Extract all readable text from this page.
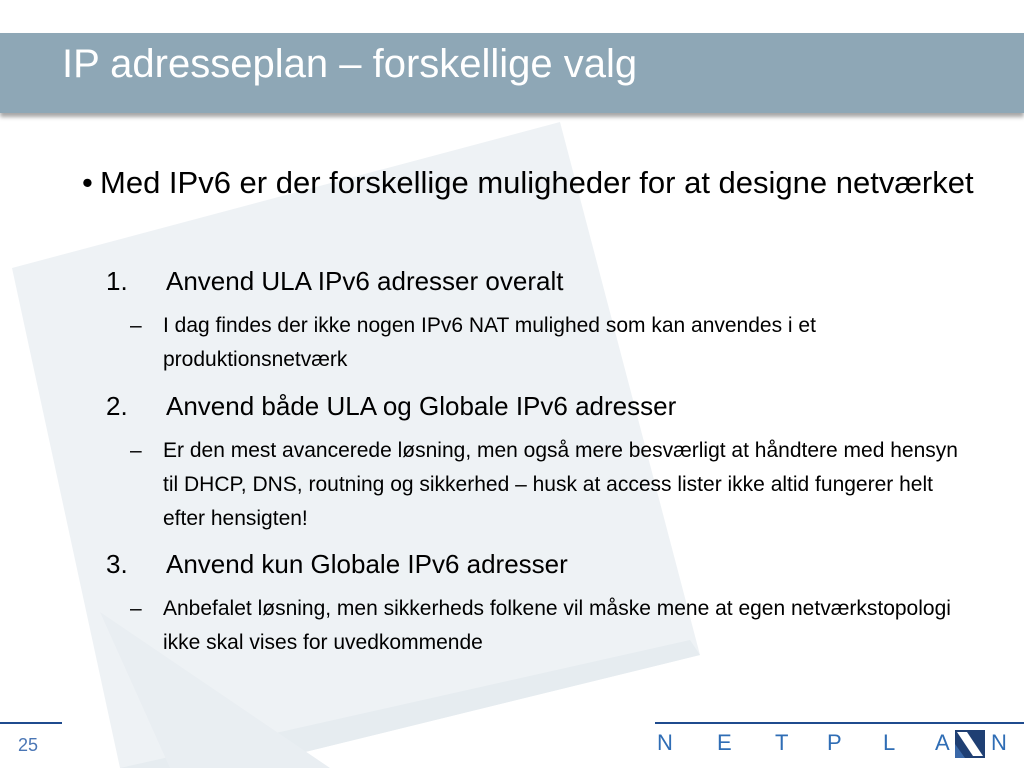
IP adresseplan – forskellige valg
• Med IPv6 er der forskellige muligheder for at designe netværket

1. Anvend ULA IPv6 adresser overalt
– I dag findes der ikke nogen IPv6 NAT mulighed som kan anvendes i et produktionsnetværk

2. Anvend både ULA og Globale IPv6 adresser
– Er den mest avancerede løsning, men også mere besværligt at håndtere med hensyn til DHCP, DNS, routning og sikkerhed – husk at access lister ikke altid fungerer helt efter hensigten!

3. Anvend kun Globale IPv6 adresser
– Anbefalet løsning, men sikkerheds folkene vil måske mene at egen netværkstopologi ikke skal vises for uvedkommende

25	N E T P L A N
